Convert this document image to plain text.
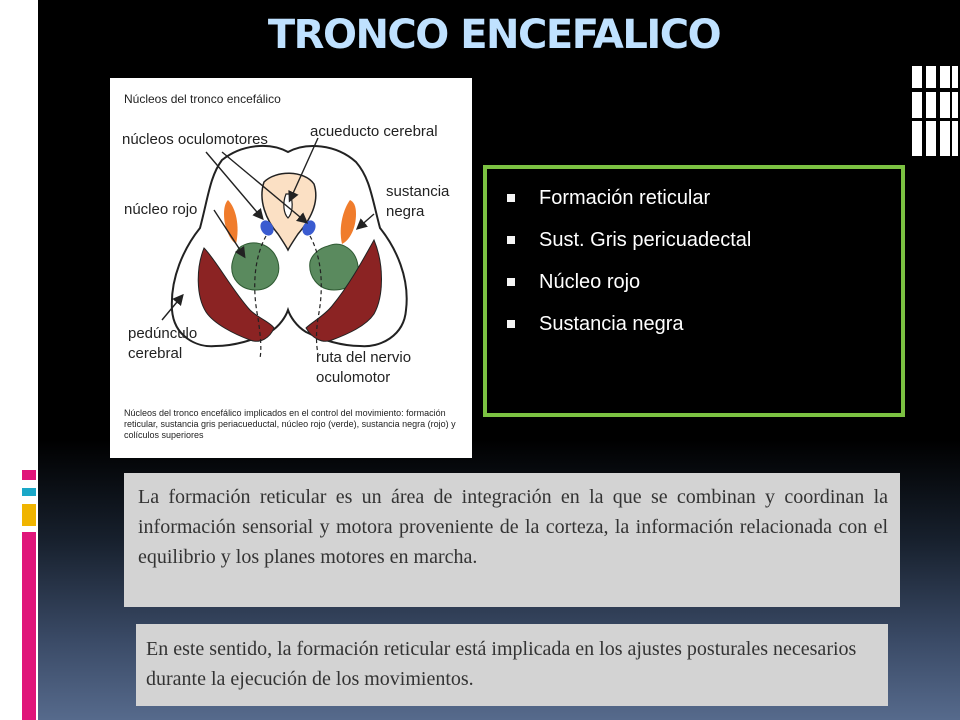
TRONCO ENCEFALICO
Núcleos del tronco encefálico
núcleos oculomotores	acueducto cerebral
sustancia
negra
núcleo rojo
pedúnculo
cerebral	ruta del nervio
oculomotor
Núcleos del tronco encefálico implicados en el control del movimiento: formación reticular, sustancia gris periacueductal, núcleo rojo (verde), sustancia negra (rojo) y colículos superiores
Formación reticular
Sust. Gris pericuadectal
Núcleo rojo
Sustancia negra
La formación reticular es un área de integración en la que se combinan y coordinan la información sensorial y motora proveniente de la corteza, la información relacionada con el equilibrio y los planes motores en marcha.
En este sentido, la formación reticular está implicada en los ajustes posturales necesarios durante la ejecución de los movimientos.
